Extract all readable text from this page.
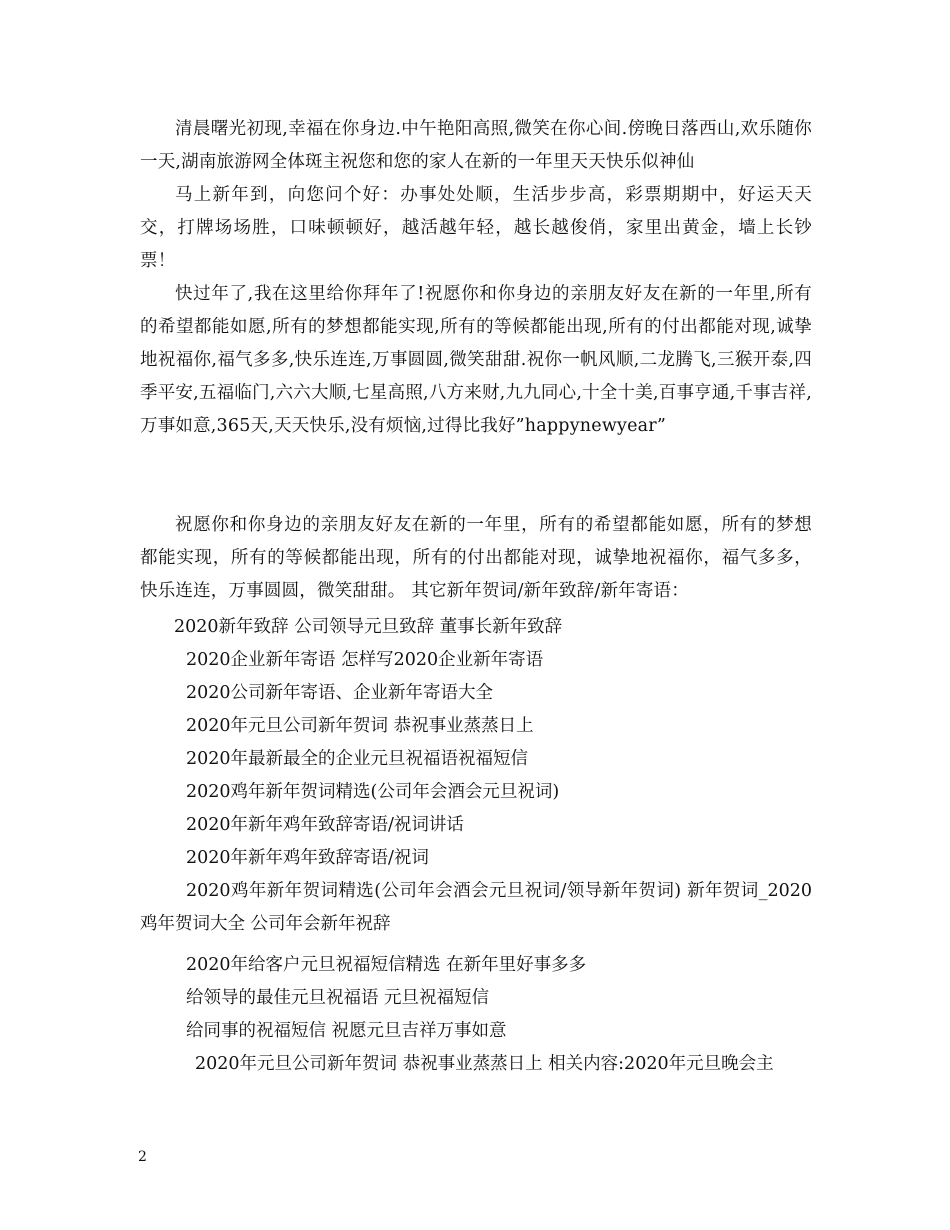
清晨曙光初现,幸福在你身边.中午艳阳高照,微笑在你心间.傍晚日落西山,欢乐随你一天,湖南旅游网全体斑主祝您和您的家人在新的一年里天天快乐似神仙

马上新年到，向您问个好：办事处处顺，生活步步高，彩票期期中，好运天天交，打牌场场胜，口味顿顿好，越活越年轻，越长越俊俏，家里出黄金，墙上长钞票！

快过年了,我在这里给你拜年了!祝愿你和你身边的亲朋友好友在新的一年里,所有的希望都能如愿,所有的梦想都能实现,所有的等候都能出现,所有的付出都能对现,诚挚地祝福你,福气多多,快乐连连,万事圆圆,微笑甜甜.祝你一帆风顺,二龙腾飞,三猴开泰,四季平安,五福临门,六六大顺,七星高照,八方来财,九九同心,十全十美,百事亨通,千事吉祥,万事如意,365天,天天快乐,没有烦恼,过得比我好”happynewyear”

祝愿你和你身边的亲朋友好友在新的一年里，所有的希望都能如愿，所有的梦想都能实现，所有的等候都能出现，所有的付出都能对现，诚挚地祝福你，福气多多，快乐连连，万事圆圆，微笑甜甜。 其它新年贺词/新年致辞/新年寄语：

2020新年致辞 公司领导元旦致辞 董事长新年致辞

2020企业新年寄语 怎样写2020企业新年寄语

2020公司新年寄语、企业新年寄语大全

2020年元旦公司新年贺词 恭祝事业蒸蒸日上

2020年最新最全的企业元旦祝福语祝福短信

2020鸡年新年贺词精选(公司年会酒会元旦祝词)

2020年新年鸡年致辞寄语/祝词讲话

2020年新年鸡年致辞寄语/祝词

2020鸡年新年贺词精选(公司年会酒会元旦祝词/领导新年贺词) 新年贺词_2020鸡年贺词大全 公司年会新年祝辞

2020年给客户元旦祝福短信精选 在新年里好事多多

给领导的最佳元旦祝福语 元旦祝福短信

给同事的祝福短信 祝愿元旦吉祥万事如意

2020年元旦公司新年贺词 恭祝事业蒸蒸日上 相关内容:2020年元旦晚会主

2
